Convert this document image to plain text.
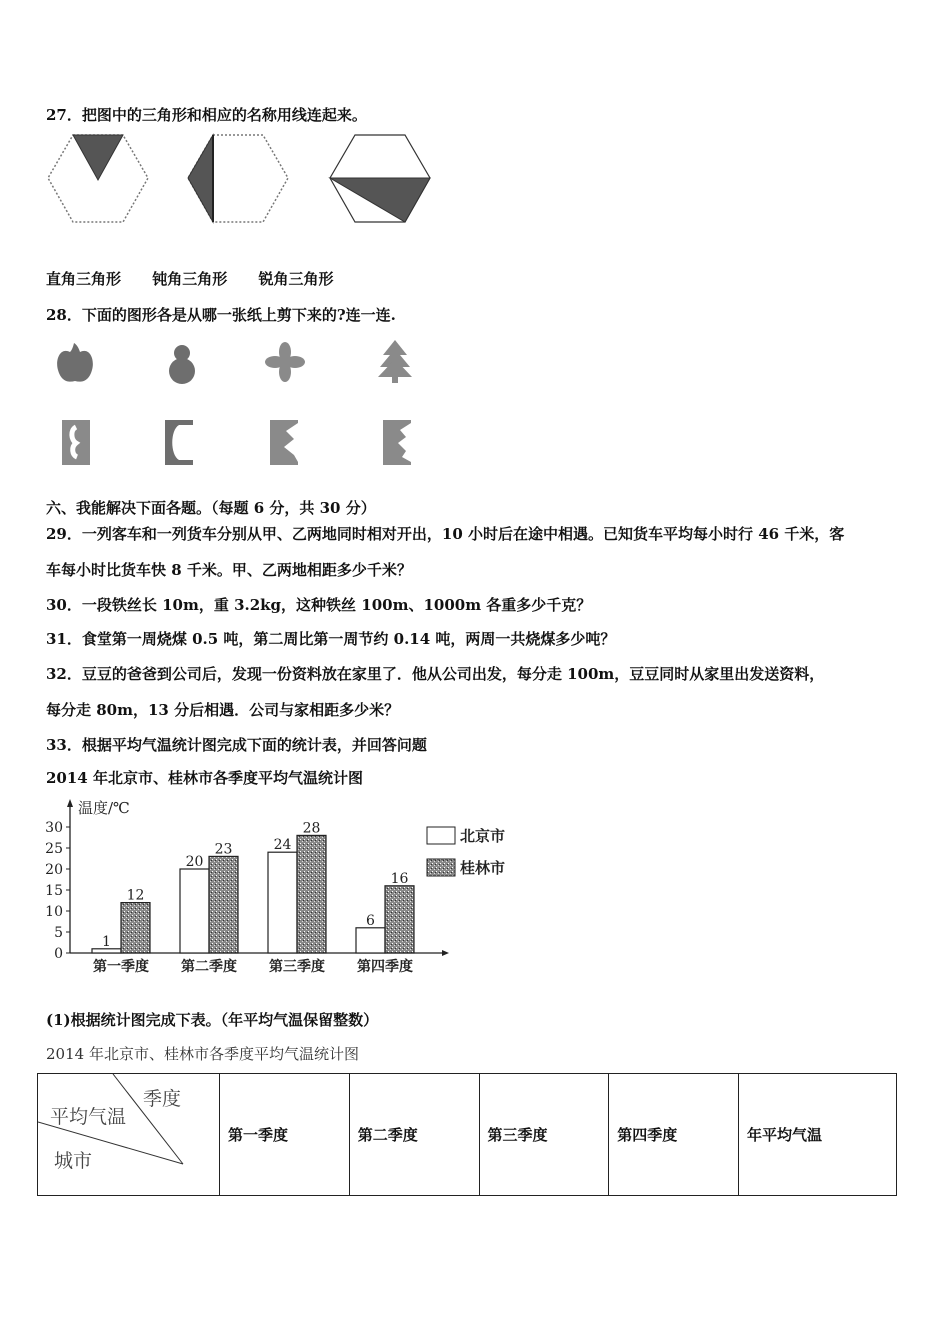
27．把图中的三角形和相应的名称用线连起来。
直角三角形 钝角三角形 锐角三角形
28．下面的图形各是从哪一张纸上剪下来的?连一连.
六、我能解决下面各题。（每题 6 分，共 30 分）
29．一列客车和一列货车分别从甲、乙两地同时相对开出，10 小时后在途中相遇。已知货车平均每小时行 46 千米，客
车每小时比货车快 8 千米。甲、乙两地相距多少千米？
30．一段铁丝长 10m，重 3.2kg，这种铁丝 100m、1000m 各重多少千克？
31．食堂第一周烧煤 0.5 吨，第二周比第一周节约 0.14 吨，两周一共烧煤多少吨？
32．豆豆的爸爸到公司后，发现一份资料放在家里了．他从公司出发，每分走 100m，豆豆同时从家里出发送资料，
每分走 80m，13 分后相遇．公司与家相距多少米？
33．根据平均气温统计图完成下面的统计表，并回答问题
2014 年北京市、桂林市各季度平均气温统计图
温度/℃
0
5
10
15
20
25
30
1
12
第一季度
20
23
第二季度
24
28
第三季度
6
16
第四季度
北京市
桂林市
(1)根据统计图完成下表。（年平均气温保留整数）
2014 年北京市、桂林市各季度平均气温统计图
季度
平均气温
城市
	第一季度	第二季度	第三季度	第四季度	年平均气温
